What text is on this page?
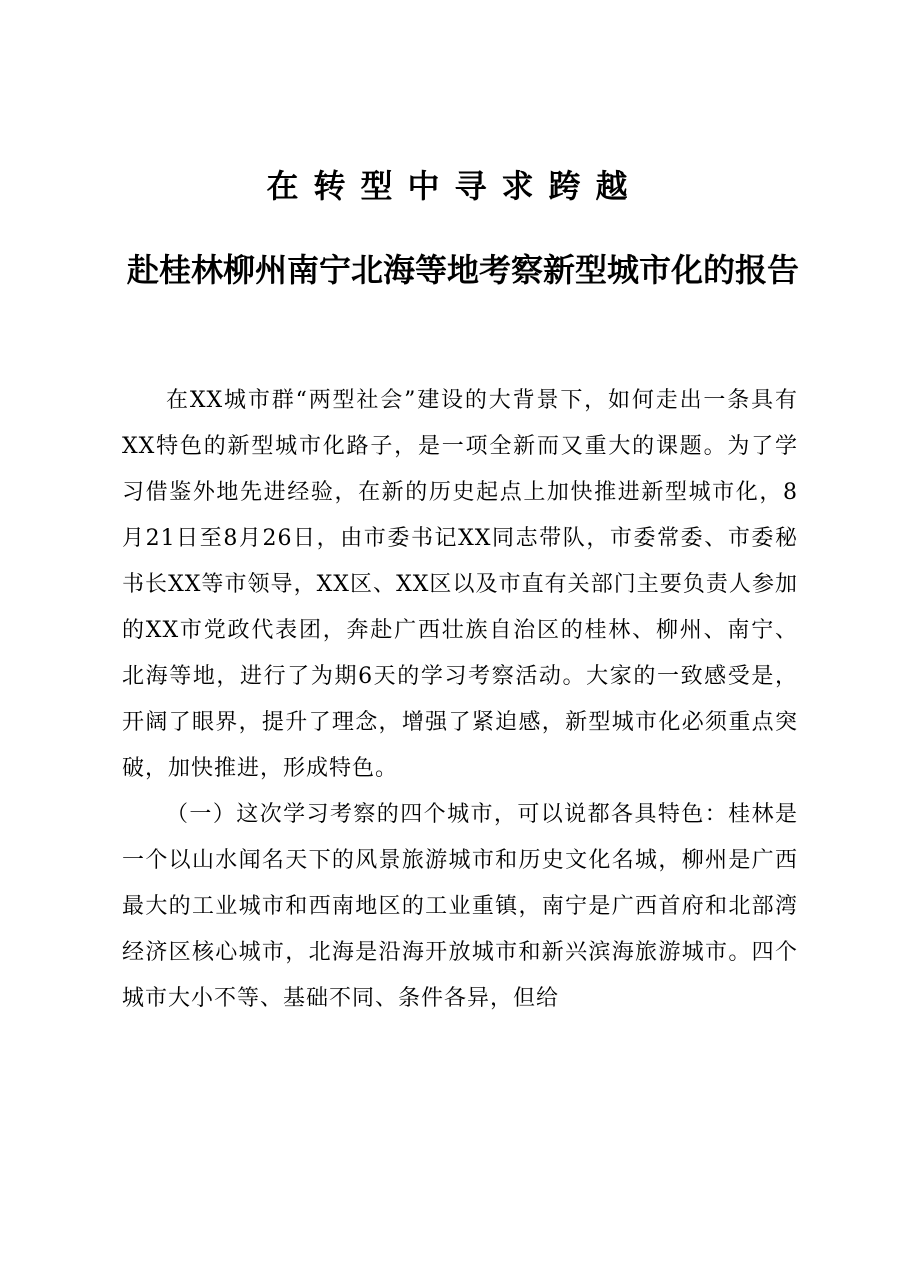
在转型中寻求跨越
赴桂林柳州南宁北海等地考察新型城市化的报告

在XX城市群“两型社会”建设的大背景下，如何走出一条具有XX特色的新型城市化路子，是一项全新而又重大的课题。为了学习借鉴外地先进经验，在新的历史起点上加快推进新型城市化，8月21日至8月26日，由市委书记XX同志带队，市委常委、市委秘书长XX等市领导，XX区、XX区以及市直有关部门主要负责人参加的XX市党政代表团，奔赴广西壮族自治区的桂林、柳州、南宁、北海等地，进行了为期6天的学习考察活动。大家的一致感受是，开阔了眼界，提升了理念，增强了紧迫感，新型城市化必须重点突破，加快推进，形成特色。

（一）这次学习考察的四个城市，可以说都各具特色：桂林是一个以山水闻名天下的风景旅游城市和历史文化名城，柳州是广西最大的工业城市和西南地区的工业重镇，南宁是广西首府和北部湾经济区核心城市，北海是沿海开放城市和新兴滨海旅游城市。四个城市大小不等、基础不同、条件各异，但给
